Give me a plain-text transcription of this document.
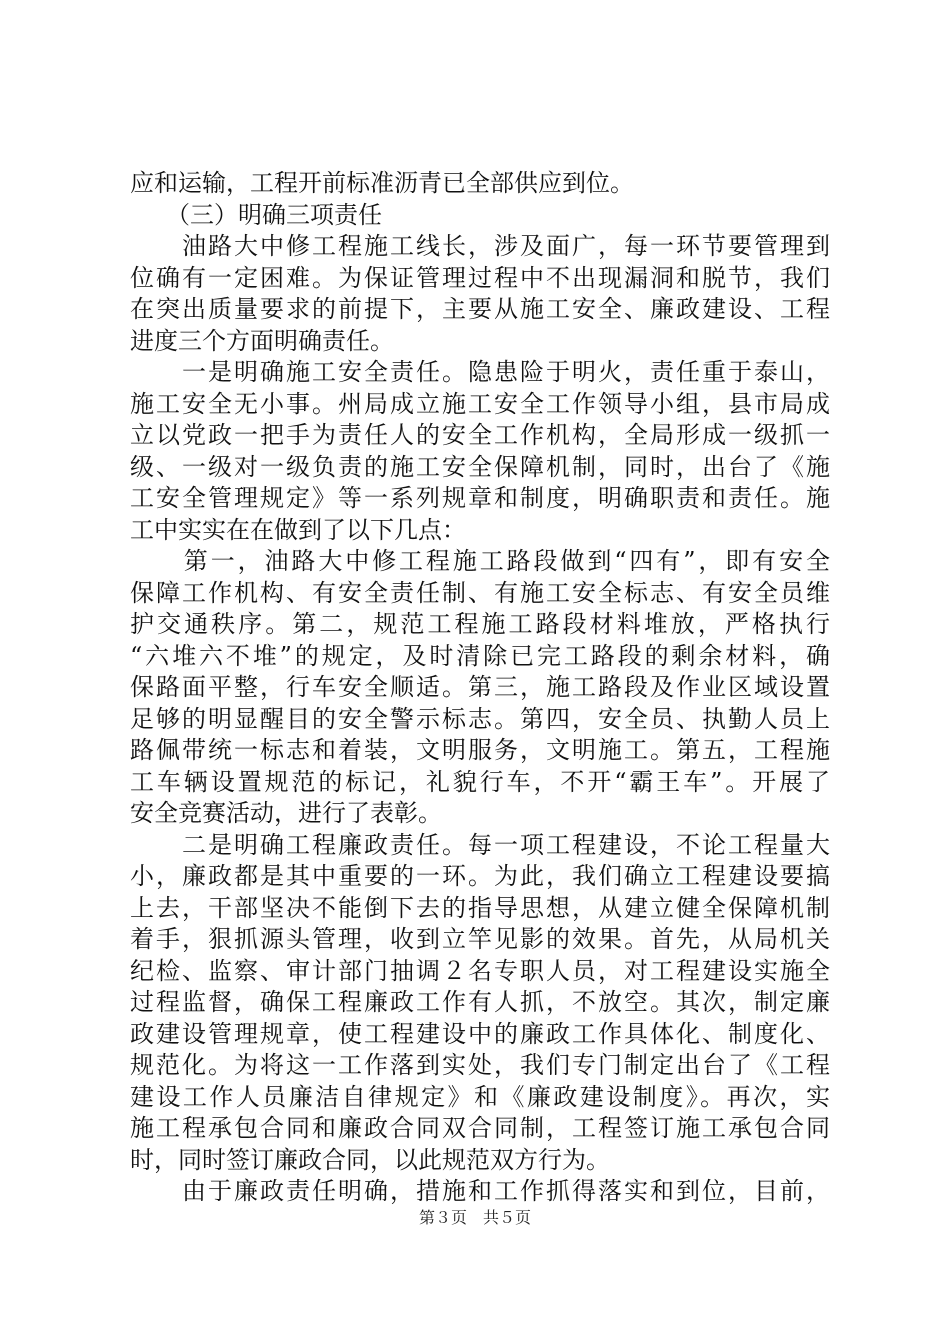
应和运输，工程开前标准沥青已全部供应到位。
　　（三）明确三项责任
　　油路大中修工程施工线长，涉及面广，每一环节要管理到
位确有一定困难。为保证管理过程中不出现漏洞和脱节，我们
在突出质量要求的前提下，主要从施工安全、廉政建设、工程
进度三个方面明确责任。
　　一是明确施工安全责任。隐患险于明火，责任重于泰山，
施工安全无小事。州局成立施工安全工作领导小组，县市局成
立以党政一把手为责任人的安全工作机构，全局形成一级抓一
级、一级对一级负责的施工安全保障机制，同时，出台了《施
工安全管理规定》等一系列规章和制度，明确职责和责任。施
工中实实在在做到了以下几点：
　　第一，油路大中修工程施工路段做到“四有”，即有安全
保障工作机构、有安全责任制、有施工安全标志、有安全员维
护交通秩序。第二，规范工程施工路段材料堆放，严格执行
“六堆六不堆”的规定，及时清除已完工路段的剩余材料，确
保路面平整，行车安全顺适。第三，施工路段及作业区域设置
足够的明显醒目的安全警示标志。第四，安全员、执勤人员上
路佩带统一标志和着装，文明服务，文明施工。第五，工程施
工车辆设置规范的标记，礼貌行车，不开“霸王车”。开展了
安全竞赛活动，进行了表彰。
　　二是明确工程廉政责任。每一项工程建设，不论工程量大
小，廉政都是其中重要的一环。为此，我们确立工程建设要搞
上去，干部坚决不能倒下去的指导思想，从建立健全保障机制
着手，狠抓源头管理，收到立竿见影的效果。首先，从局机关
纪检、监察、审计部门抽调２名专职人员，对工程建设实施全
过程监督，确保工程廉政工作有人抓，不放空。其次，制定廉
政建设管理规章，使工程建设中的廉政工作具体化、制度化、
规范化。为将这一工作落到实处，我们专门制定出台了《工程
建设工作人员廉洁自律规定》和《廉政建设制度》。再次，实
施工程承包合同和廉政合同双合同制，工程签订施工承包合同
时，同时签订廉政合同，以此规范双方行为。
　　由于廉政责任明确，措施和工作抓得落实和到位，目前，
第３页　共５页
